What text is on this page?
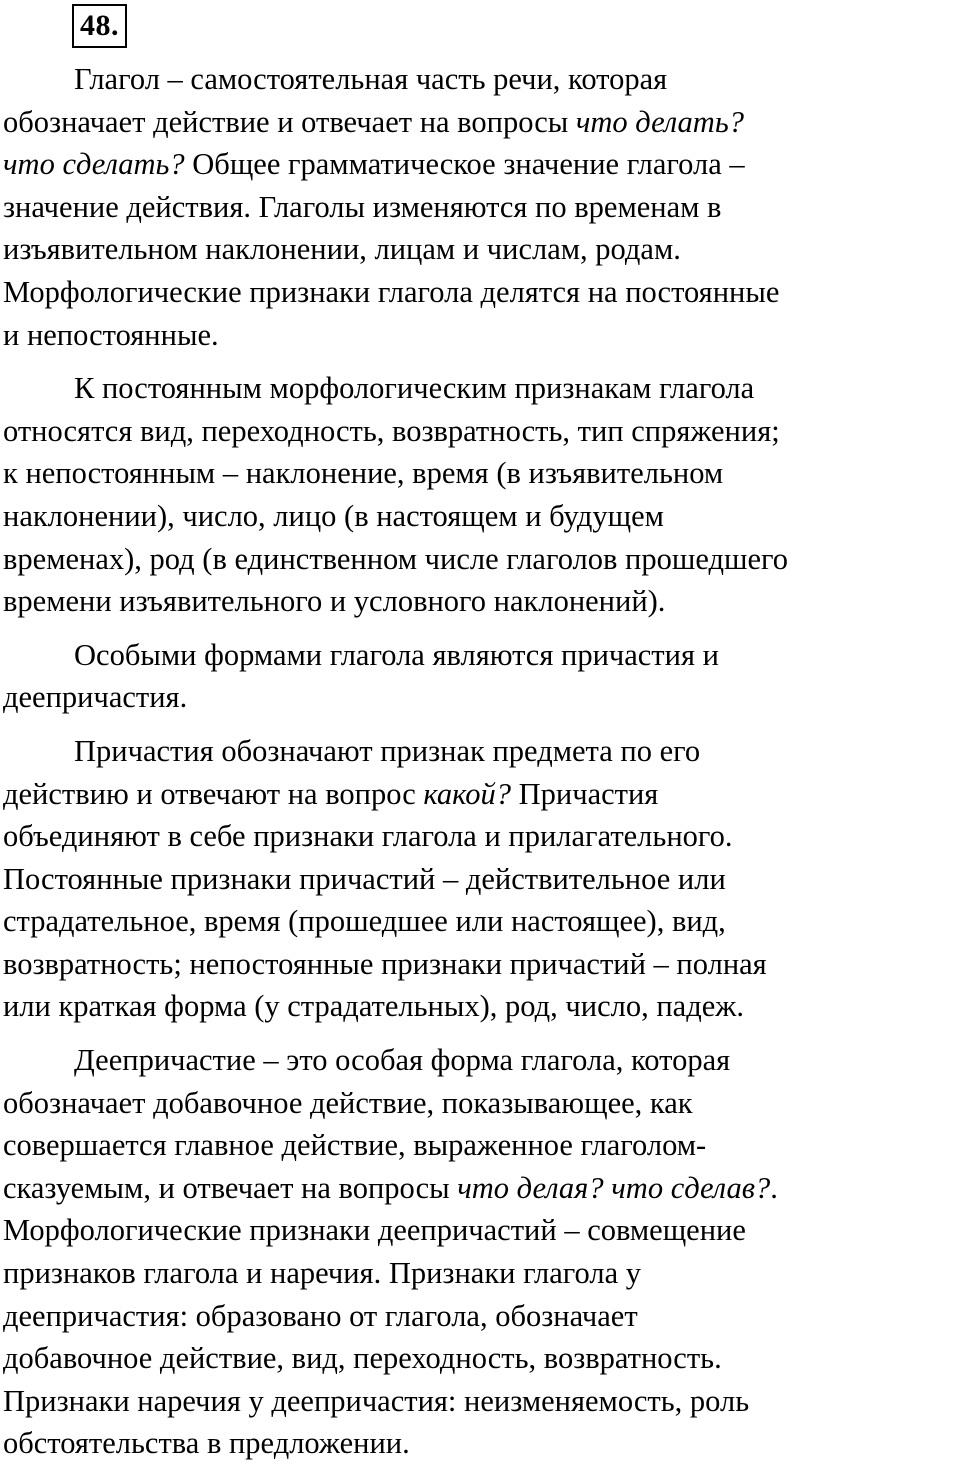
48.
Глагол – самостоятельная часть речи, которая
обозначает действие и отвечает на вопросы что делать?
что сделать? Общее грамматическое значение глагола –
значение действия. Глаголы изменяются по временам в
изъявительном наклонении, лицам и числам, родам.
Морфологические признаки глагола делятся на постоянные
и непостоянные.
К постоянным морфологическим признакам глагола
относятся вид, переходность, возвратность, тип спряжения;
к непостоянным – наклонение, время (в изъявительном
наклонении), число, лицо (в настоящем и будущем
временах), род (в единственном числе глаголов прошедшего
времени изъявительного и условного наклонений).
Особыми формами глагола являются причастия и
деепричастия.
Причастия обозначают признак предмета по его
действию и отвечают на вопрос какой? Причастия
объединяют в себе признаки глагола и прилагательного.
Постоянные признаки причастий – действительное или
страдательное, время (прошедшее или настоящее), вид,
возвратность; непостоянные признаки причастий – полная
или краткая форма (у страдательных), род, число, падеж.
Деепричастие – это особая форма глагола, которая
обозначает добавочное действие, показывающее, как
совершается главное действие, выраженное глаголом-
сказуемым, и отвечает на вопросы что делая? что сделав?.
Морфологические признаки деепричастий – совмещение
признаков глагола и наречия. Признаки глагола у
деепричастия: образовано от глагола, обозначает
добавочное действие, вид, переходность, возвратность.
Признаки наречия у деепричастия: неизменяемость, роль
обстоятельства в предложении.
